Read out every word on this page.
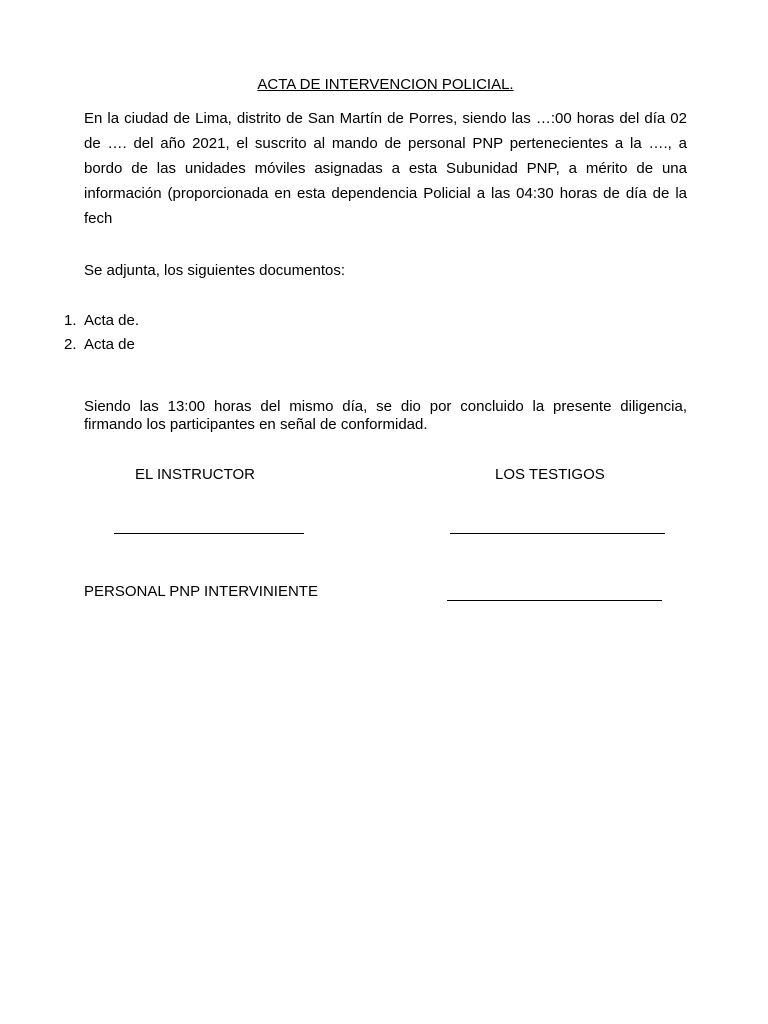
ACTA DE INTERVENCION POLICIAL.

En la ciudad de Lima, distrito de San Martín de Porres, siendo las …:00 horas del día 02 de …. del año 2021, el suscrito al mando de personal PNP pertenecientes a la …., a bordo de las unidades móviles asignadas a esta Subunidad PNP, a mérito de una información (proporcionada en esta dependencia Policial a las 04:30 horas de día de la fech

Se adjunta, los siguientes documentos:

1. Acta de.
2. Acta de

Siendo las 13:00 horas del mismo día, se dio por concluido la presente diligencia, firmando los participantes en señal de conformidad.

EL INSTRUCTOR	LOS TESTIGOS

PERSONAL PNP INTERVINIENTE
